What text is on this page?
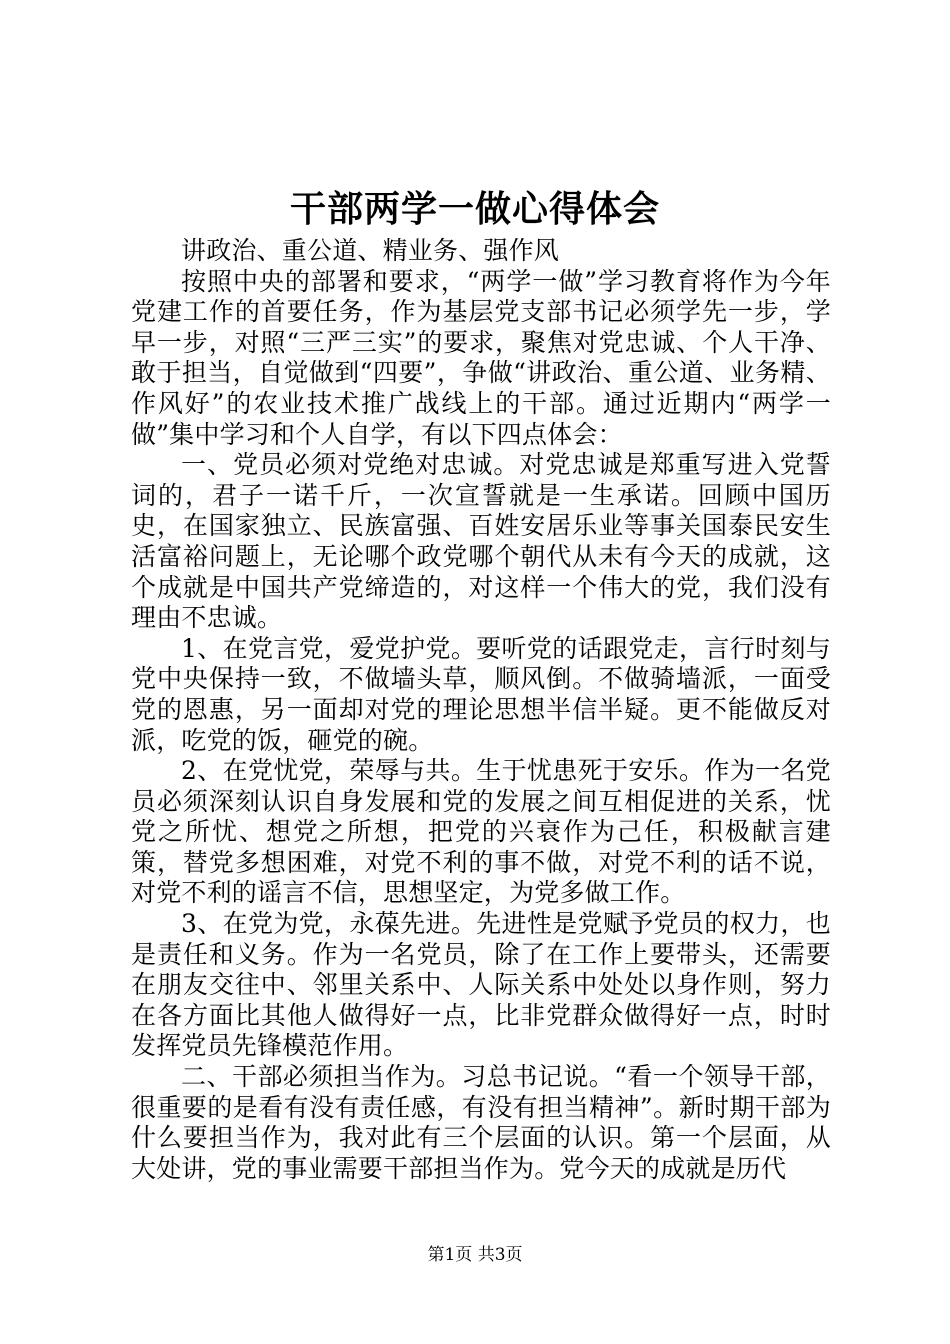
干部两学一做心得体会

讲政治、重公道、精业务、强作风

按照中央的部署和要求，“两学一做”学习教育将作为今年党建工作的首要任务，作为基层党支部书记必须学先一步，学早一步，对照“三严三实”的要求，聚焦对党忠诚、个人干净、敢于担当，自觉做到“四要”，争做“讲政治、重公道、业务精、作风好”的农业技术推广战线上的干部。通过近期内“两学一做”集中学习和个人自学，有以下四点体会：

一、党员必须对党绝对忠诚。对党忠诚是郑重写进入党誓词的，君子一诺千斤，一次宣誓就是一生承诺。回顾中国历史，在国家独立、民族富强、百姓安居乐业等事关国泰民安生活富裕问题上，无论哪个政党哪个朝代从未有今天的成就，这个成就是中国共产党缔造的，对这样一个伟大的党，我们没有理由不忠诚。

1、在党言党，爱党护党。要听党的话跟党走，言行时刻与党中央保持一致，不做墙头草，顺风倒。不做骑墙派，一面受党的恩惠，另一面却对党的理论思想半信半疑。更不能做反对派，吃党的饭，砸党的碗。

2、在党忧党，荣辱与共。生于忧患死于安乐。作为一名党员必须深刻认识自身发展和党的发展之间互相促进的关系，忧党之所忧、想党之所想，把党的兴衰作为己任，积极献言建策，替党多想困难，对党不利的事不做，对党不利的话不说，对党不利的谣言不信，思想坚定，为党多做工作。

3、在党为党，永葆先进。先进性是党赋予党员的权力，也是责任和义务。作为一名党员，除了在工作上要带头，还需要在朋友交往中、邻里关系中、人际关系中处处以身作则，努力在各方面比其他人做得好一点，比非党群众做得好一点，时时发挥党员先锋模范作用。

二、干部必须担当作为。习总书记说。“看一个领导干部，很重要的是看有没有责任感，有没有担当精神”。新时期干部为什么要担当作为，我对此有三个层面的认识。第一个层面，从大处讲，党的事业需要干部担当作为。党今天的成就是历代

第1页 共3页
